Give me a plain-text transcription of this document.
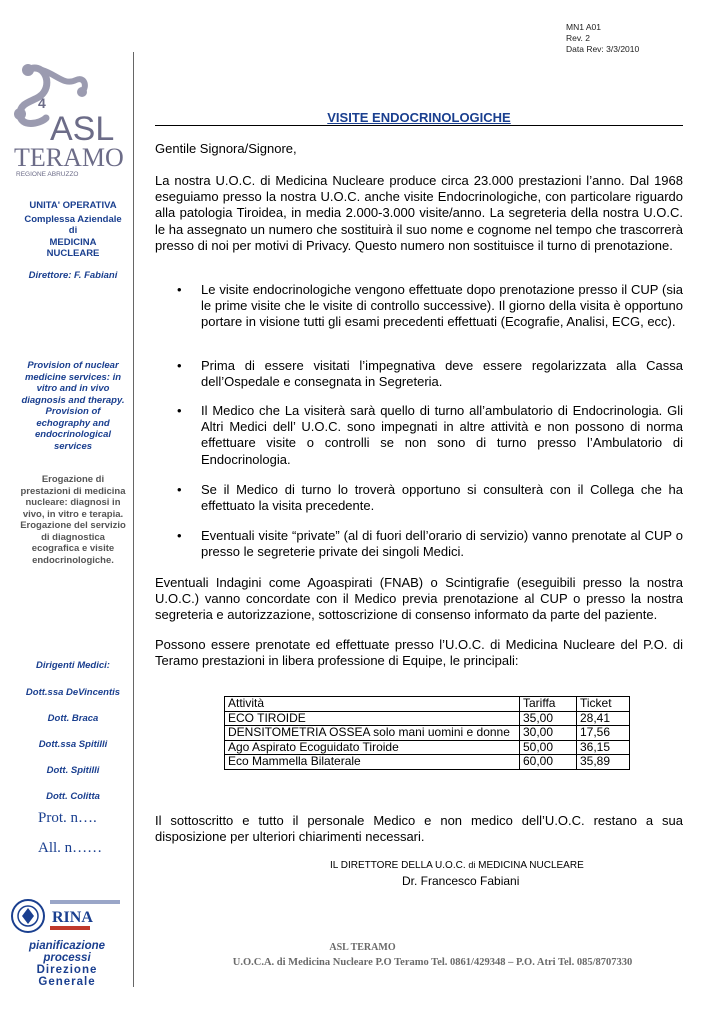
MN1 A01
Rev. 2
Data Rev: 3/3/2010
4
ASL
TERAMO
REGIONE ABRUZZO
UNITA' OPERATIVA
Complessa Aziendale
di
MEDICINA
NUCLEARE
Direttore: F. Fabiani
Provision of nuclear medicine services: in vitro and in vivo diagnosis and therapy. Provision of echography and endocrinological services
Erogazione di prestazioni di medicina nucleare: diagnosi in vivo, in vitro e terapia. Erogazione del servizio di diagnostica ecografica e visite endocrinologiche.
Dirigenti Medici:
Dott.ssa DeVincentis
Dott. Braca
Dott.ssa Spitilli
Dott. Spitilli
Dott. Colitta
Prot. n….
All. n……
RINA
pianificazione processi
Direzione Generale
VISITE ENDOCRINOLOGICHE

Gentile Signora/Signore,

La nostra U.O.C. di Medicina Nucleare produce circa 23.000 prestazioni l’anno. Dal 1968 eseguiamo presso la nostra U.O.C. anche visite Endocrinologiche, con particolare riguardo alla patologia Tiroidea, in media 2.000-3.000 visite/anno. La segreteria della nostra U.O.C. le ha assegnato un numero che sostituirà il suo nome e cognome nel tempo che trascorrerà presso di noi per motivi di Privacy. Questo numero non sostituisce il turno di prenotazione.

• Le visite endocrinologiche vengono effettuate dopo prenotazione presso il CUP (sia le prime visite che le visite di controllo successive). Il giorno della visita è opportuno portare in visione tutti gli esami precedenti effettuati (Ecografie, Analisi, ECG, ecc).

• Prima di essere visitati l’impegnativa deve essere regolarizzata alla Cassa dell’Ospedale e consegnata in Segreteria.

• Il Medico che La visiterà sarà quello di turno all’ambulatorio di Endocrinologia. Gli Altri Medici dell’ U.O.C. sono impegnati in altre attività e non possono di norma effettuare visite o controlli se non sono di turno presso l’Ambulatorio di Endocrinologia.

• Se il Medico di turno lo troverà opportuno si consulterà con il Collega che ha effettuato la visita precedente.

• Eventuali visite “private” (al di fuori dell’orario di servizio) vanno prenotate al CUP o presso le segreterie private dei singoli Medici.

Eventuali Indagini come Agoaspirati (FNAB) o Scintigrafie (eseguibili presso la nostra U.O.C.) vanno concordate con il Medico previa prenotazione al CUP o presso la nostra segreteria e autorizzazione, sottoscrizione di consenso informato da parte del paziente.

Possono essere prenotate ed effettuate presso l’U.O.C. di Medicina Nucleare del P.O. di Teramo prestazioni in libera professione di Equipe, le principali:

Attività	Tariffa	Ticket
ECO TIROIDE	35,00	28,41
DENSITOMETRIA OSSEA solo mani uomini e donne	30,00	17,56
Ago Aspirato Ecoguidato Tiroide	50,00	36,15
Eco Mammella Bilaterale	60,00	35,89

Il sottoscritto e tutto il personale Medico e non medico dell’U.O.C. restano a sua disposizione per ulteriori chiarimenti necessari.

IL DIRETTORE DELLA U.O.C. di MEDICINA NUCLEARE
Dr. Francesco Fabiani
ASL TERAMO
U.O.C.A. di Medicina Nucleare P.O Teramo Tel. 0861/429348 – P.O. Atri Tel. 085/8707330
